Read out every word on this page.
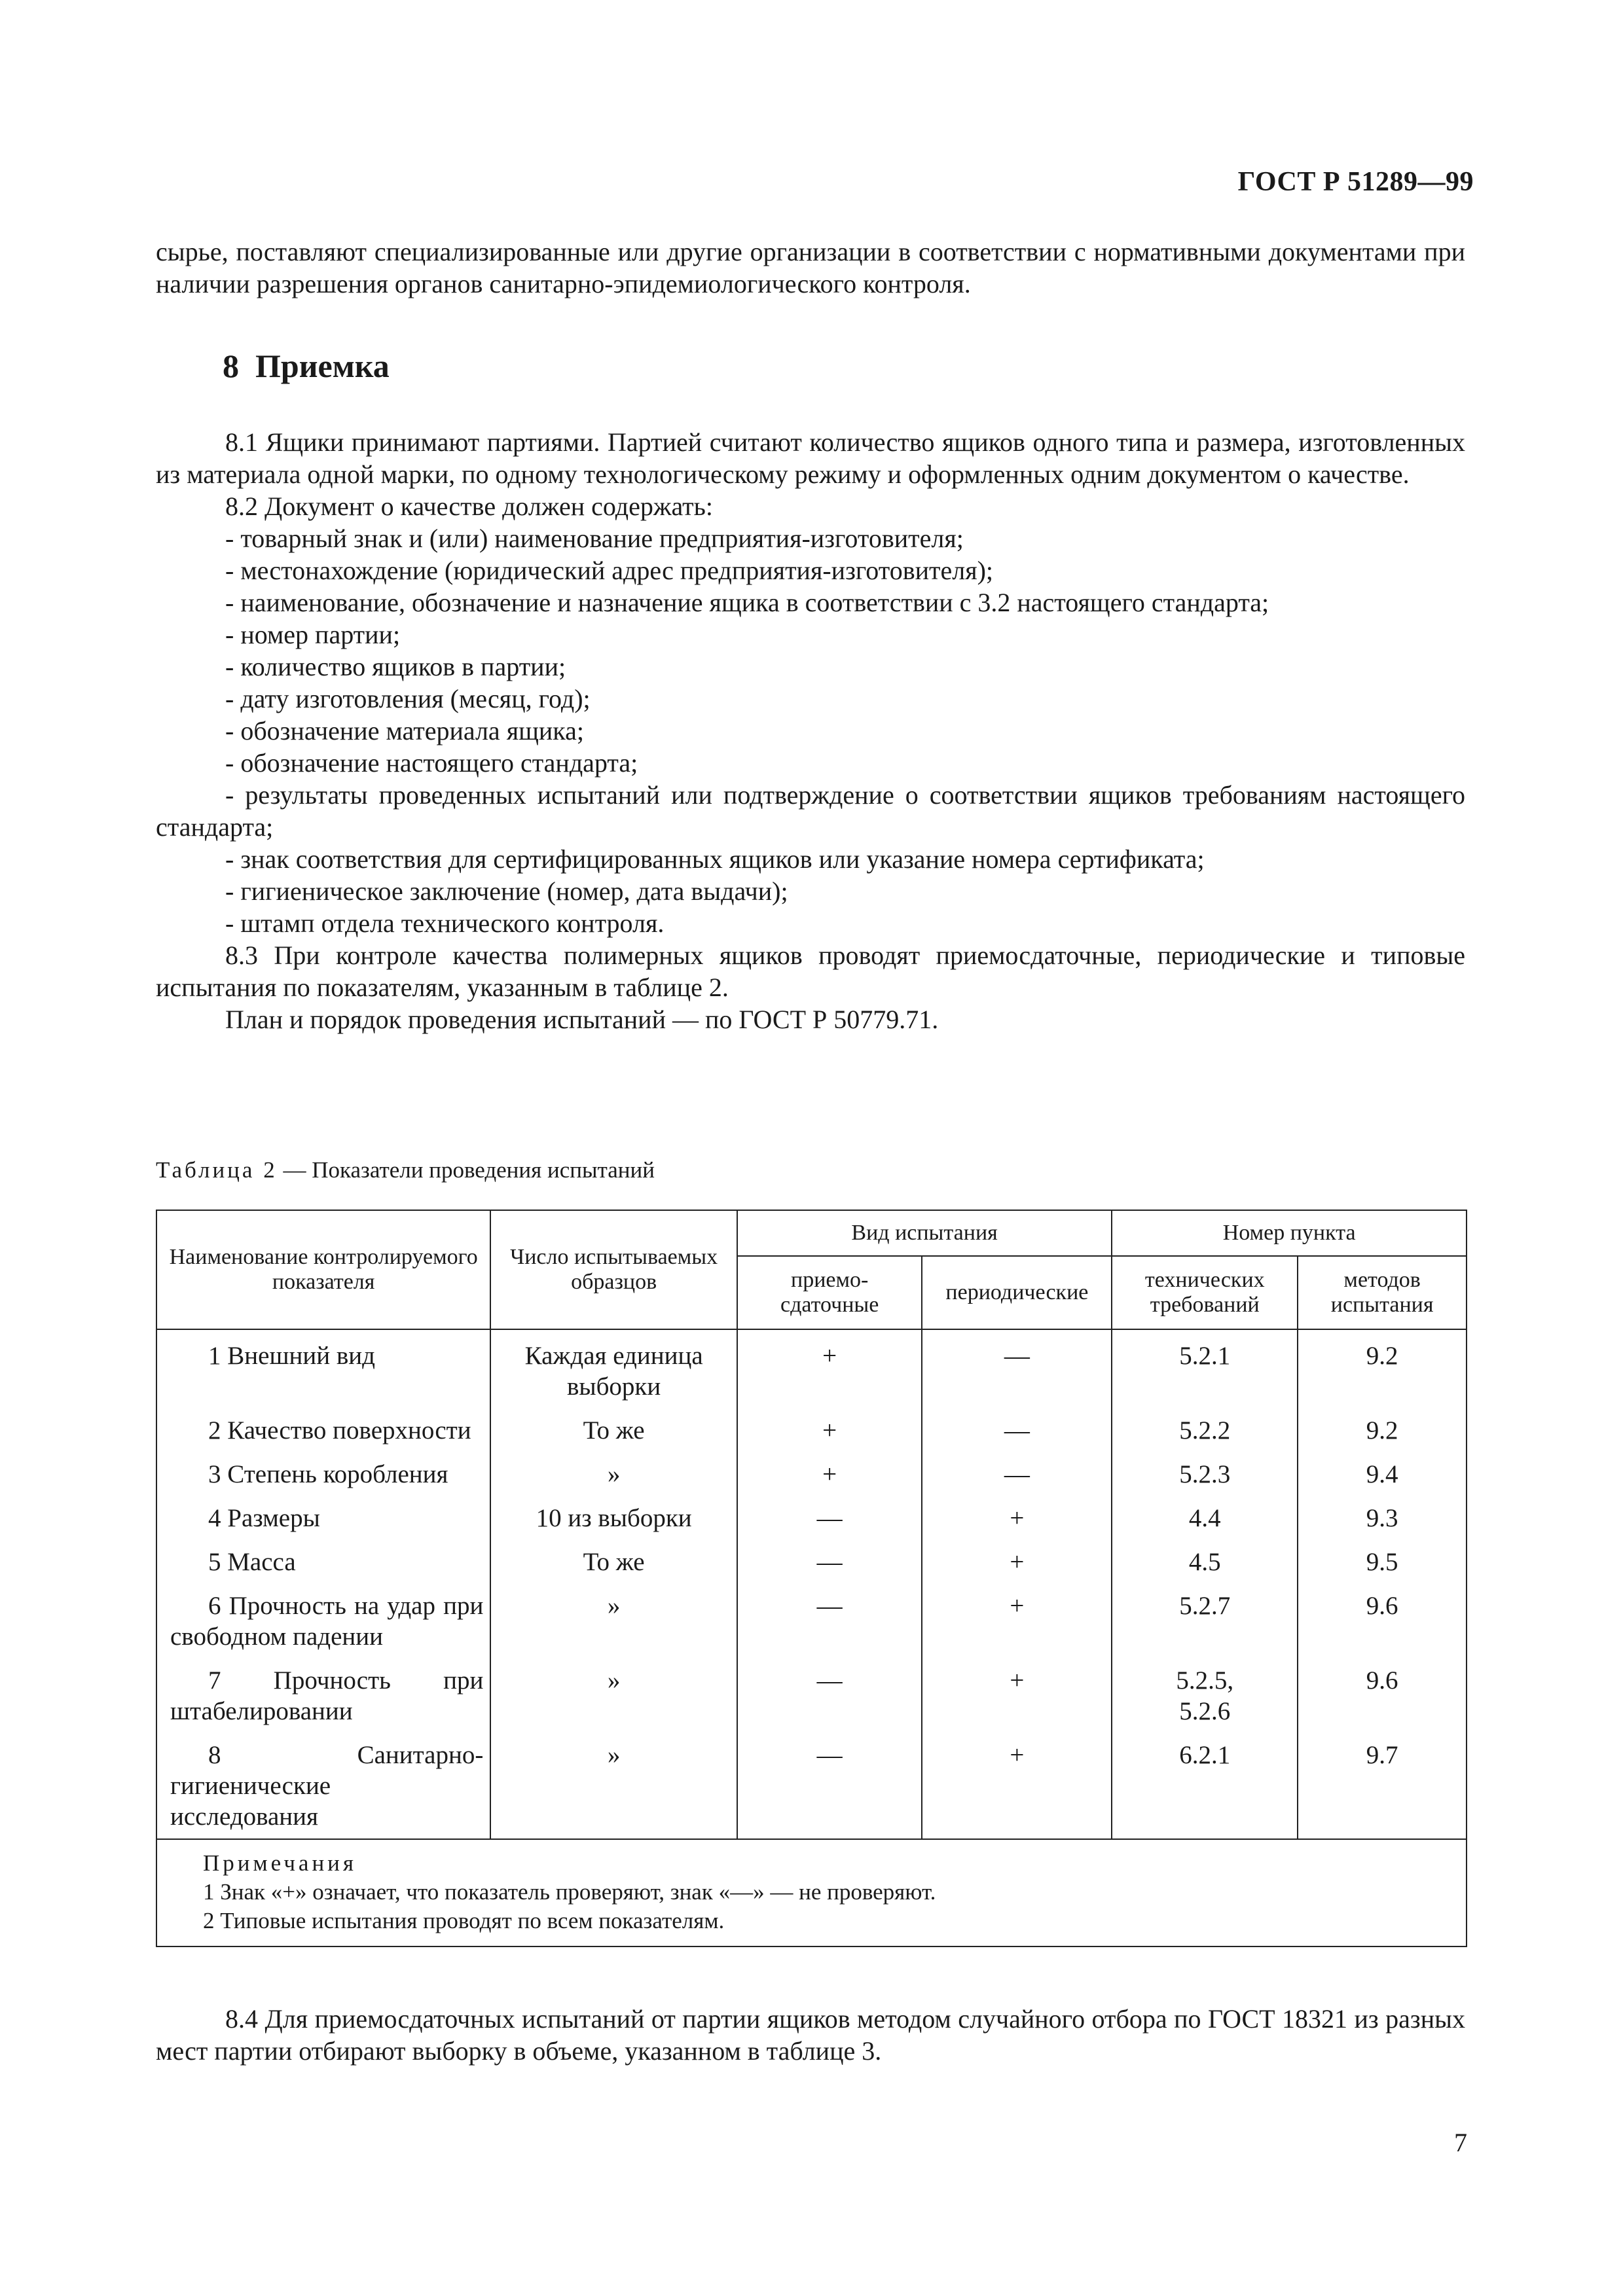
ГОСТ Р 51289—99

сырье, поставляют специализированные или другие организации в соответствии с нормативными документами при наличии разрешения органов санитарно-эпидемиологического контроля.

8 Приемка

8.1 Ящики принимают партиями. Партией считают количество ящиков одного типа и размера, изготовленных из материала одной марки, по одному технологическому режиму и оформленных одним документом о качестве.

8.2 Документ о качестве должен содержать:

- товарный знак и (или) наименование предприятия-изготовителя;

- местонахождение (юридический адрес предприятия-изготовителя);

- наименование, обозначение и назначение ящика в соответствии с 3.2 настоящего стандарта;

- номер партии;

- количество ящиков в партии;

- дату изготовления (месяц, год);

- обозначение материала ящика;

- обозначение настоящего стандарта;

- результаты проведенных испытаний или подтверждение о соответствии ящиков требованиям настоящего стандарта;

- знак соответствия для сертифицированных ящиков или указание номера сертификата;

- гигиеническое заключение (номер, дата выдачи);

- штамп отдела технического контроля.

8.3 При контроле качества полимерных ящиков проводят приемосдаточные, периодические и типовые испытания по показателям, указанным в таблице 2.

План и порядок проведения испытаний — по ГОСТ Р 50779.71.

Таблица 2 — Показатели проведения испытаний
Наименование контролируемого показателя	Число испытываемых образцов	Вид испытания		Номер пункта	
		приемо-сдаточные	периодические	технических требований	методов испытания

1 Внешний вид	Каждая единица выборки	+	—	5.2.1	9.2

2 Качество поверхности	То же	+	—	5.2.2	9.2

3 Степень коробления	»	+	—	5.2.3	9.4

4 Размеры	10 из выборки	—	+	4.4	9.3

5 Масса	То же	—	+	4.5	9.5

6 Прочность на удар при свободном падении	»	—	+	5.2.7	9.6

7 Прочность при штабелировании	»	—	+	5.2.5, 5.2.6	9.6

8 Санитарно-гигиенические исследования	»	—	+	6.2.1	9.7

Примечания
1 Знак «+» означает, что показатель проверяют, знак «—» — не проверяют.
2 Типовые испытания проводят по всем показателям.					

8.4 Для приемосдаточных испытаний от партии ящиков методом случайного отбора по ГОСТ 18321 из разных мест партии отбирают выборку в объеме, указанном в таблице 3.

7
